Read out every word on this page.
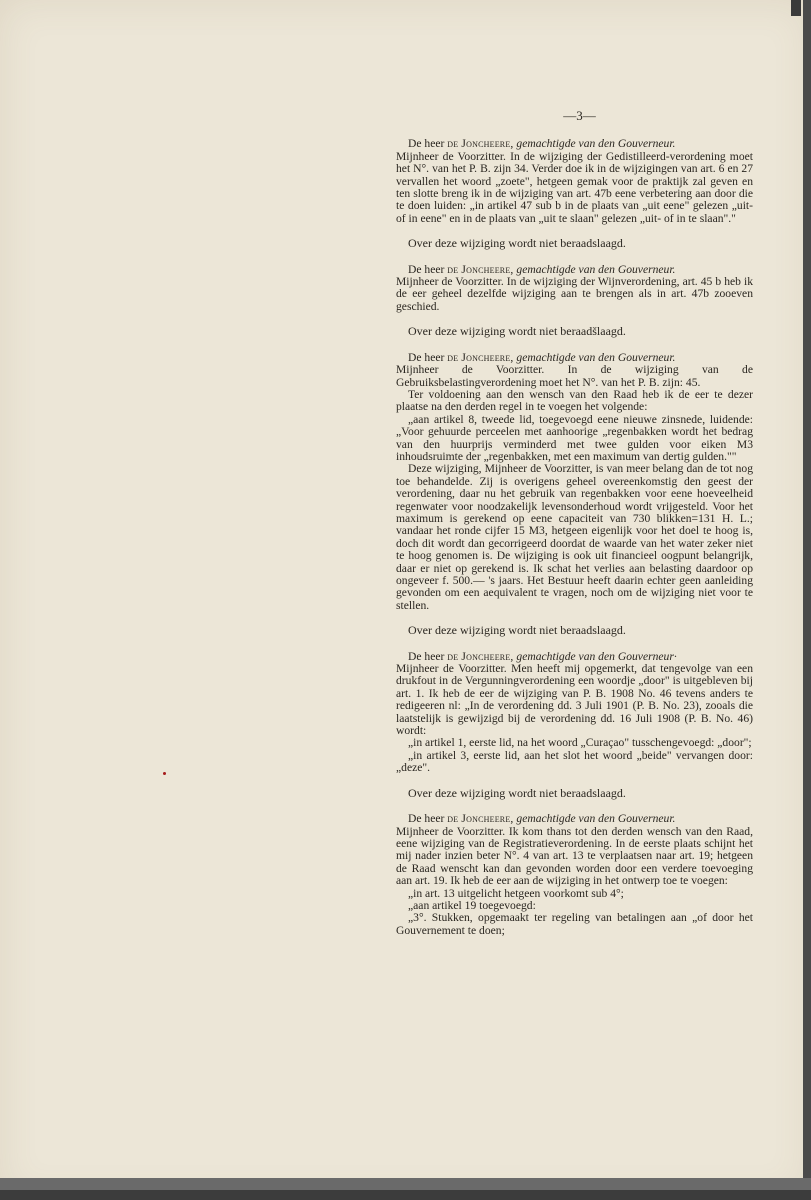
—3—

De heer de Joncheere, gemachtigde van den Gouverneur.
Mijnheer de Voorzitter. In de wijziging der Gedistilleerd-verordening moet het N°. van het P. B. zijn 34. Verder doe ik in de wijzigingen van art. 6 en 27 vervallen het woord „zoete", hetgeen gemak voor de praktijk zal geven en ten slotte breng ik in de wijziging van art. 47b eene verbetering aan door die te doen luiden: „in artikel 47 sub b in de plaats van „uit eene" gelezen „uit- of in eene" en in de plaats van „uit te slaan" gelezen „uit- of in te slaan"."

Over deze wijziging wordt niet beraadslaagd.

De heer de Joncheere, gemachtigde van den Gouverneur.
Mijnheer de Voorzitter. In de wijziging der Wijnverordening, art. 45 b heb ik de eer geheel dezelfde wijziging aan te brengen als in art. 47b zooeven geschied.

Over deze wijziging wordt niet beraadšlaagd.

De heer de Joncheere, gemachtigde van den Gouverneur.
Mijnheer de Voorzitter. In de wijziging van de Gebruiksbelastingverordening moet het N°. van het P. B. zijn: 45.

Ter voldoening aan den wensch van den Raad heb ik de eer te dezer plaatse na den derden regel in te voegen het volgende:

„aan artikel 8, tweede lid, toegevoegd eene nieuwe zinsnede, luidende: „Voor gehuurde perceelen met aanhoorige „regenbakken wordt het bedrag van den huurprijs verminderd met twee gulden voor eiken M3 inhoudsruimte der „regenbakken, met een maximum van dertig gulden.""

Deze wijziging, Mijnheer de Voorzitter, is van meer belang dan de tot nog toe behandelde. Zij is overigens geheel overeenkomstig den geest der verordening, daar nu het gebruik van regenbakken voor eene hoeveelheid regenwater voor noodzakelijk levensonderhoud wordt vrijgesteld. Voor het maximum is gerekend op eene capaciteit van 730 blikken=131 H. L.; vandaar het ronde cijfer 15 M3, hetgeen eigenlijk voor het doel te hoog is, doch dit wordt dan gecorrigeerd doordat de waarde van het water zeker niet te hoog genomen is. De wijziging is ook uit financieel oogpunt belangrijk, daar er niet op gerekend is. Ik schat het verlies aan belasting daardoor op ongeveer f. 500.— 's jaars. Het Bestuur heeft daarin echter geen aanleiding gevonden om een aequivalent te vragen, noch om de wijziging niet voor te stellen.

Over deze wijziging wordt niet beraadslaagd.

De heer de Joncheere, gemachtigde van den Gouverneur·
Mijnheer de Voorzitter. Men heeft mij opgemerkt, dat tengevolge van een drukfout in de Vergunningverordening een woordje „door" is uitgebleven bij art. 1. Ik heb de eer de wijziging van P. B. 1908 No. 46 tevens anders te redigeeren nl: „In de verordening dd. 3 Juli 1901 (P. B. No. 23), zooals die laatstelijk is gewijzigd bij de verordening dd. 16 Juli 1908 (P. B. No. 46) wordt:

„in artikel 1, eerste lid, na het woord „Curaçao" tusschengevoegd: „door";

„in artikel 3, eerste lid, aan het slot het woord „beide" vervangen door: „deze".

Over deze wijziging wordt niet beraadslaagd.

De heer de Joncheere, gemachtigde van den Gouverneur.
Mijnheer de Voorzitter. Ik kom thans tot den derden wensch van den Raad, eene wijziging van de Registratieverordening. In de eerste plaats schijnt het mij nader inzien beter N°. 4 van art. 13 te verplaatsen naar art. 19; hetgeen de Raad wenscht kan dan gevonden worden door een verdere toevoeging aan art. 19. Ik heb de eer aan de wijziging in het ontwerp toe te voegen:

„in art. 13 uitgelicht hetgeen voorkomt sub 4°;

„aan artikel 19 toegevoegd:

„3°. Stukken, opgemaakt ter regeling van betalingen aan „of door het Gouvernement te doen;
